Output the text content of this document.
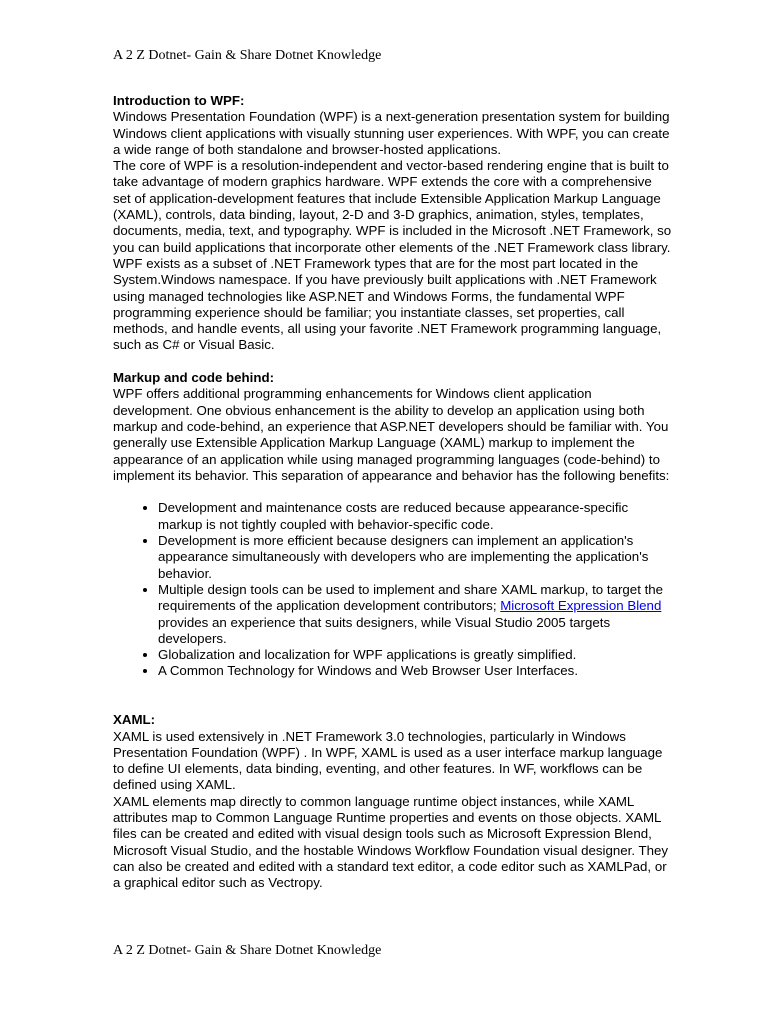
A 2 Z Dotnet- Gain & Share Dotnet Knowledge

Introduction to WPF:

Windows Presentation Foundation (WPF) is a next-generation presentation system for building Windows client applications with visually stunning user experiences. With WPF, you can create a wide range of both standalone and browser-hosted applications.

The core of WPF is a resolution-independent and vector-based rendering engine that is built to take advantage of modern graphics hardware. WPF extends the core with a comprehensive set of application-development features that include Extensible Application Markup Language (XAML), controls, data binding, layout, 2-D and 3-D graphics, animation, styles, templates, documents, media, text, and typography. WPF is included in the Microsoft .NET Framework, so you can build applications that incorporate other elements of the .NET Framework class library.

WPF exists as a subset of .NET Framework types that are for the most part located in the System.Windows namespace. If you have previously built applications with .NET Framework using managed technologies like ASP.NET and Windows Forms, the fundamental WPF programming experience should be familiar; you instantiate classes, set properties, call methods, and handle events, all using your favorite .NET Framework programming language, such as C# or Visual Basic.

Markup and code behind:

WPF offers additional programming enhancements for Windows client application development. One obvious enhancement is the ability to develop an application using both markup and code-behind, an experience that ASP.NET developers should be familiar with. You generally use Extensible Application Markup Language (XAML) markup to implement the appearance of an application while using managed programming languages (code-behind) to implement its behavior. This separation of appearance and behavior has the following benefits:

• Development and maintenance costs are reduced because appearance-specific markup is not tightly coupled with behavior-specific code.
• Development is more efficient because designers can implement an application's appearance simultaneously with developers who are implementing the application's behavior.
• Multiple design tools can be used to implement and share XAML markup, to target the requirements of the application development contributors; Microsoft Expression Blend provides an experience that suits designers, while Visual Studio 2005 targets developers.
• Globalization and localization for WPF applications is greatly simplified.
• A Common Technology for Windows and Web Browser User Interfaces.

XAML:

XAML is used extensively in .NET Framework 3.0 technologies, particularly in Windows Presentation Foundation (WPF) . In WPF, XAML is used as a user interface markup language to define UI elements, data binding, eventing, and other features. In WF, workflows can be defined using XAML.

XAML elements map directly to common language runtime object instances, while XAML attributes map to Common Language Runtime properties and events on those objects. XAML files can be created and edited with visual design tools such as Microsoft Expression Blend, Microsoft Visual Studio, and the hostable Windows Workflow Foundation visual designer. They can also be created and edited with a standard text editor, a code editor such as XAMLPad, or a graphical editor such as Vectropy.

A 2 Z Dotnet- Gain & Share Dotnet Knowledge
